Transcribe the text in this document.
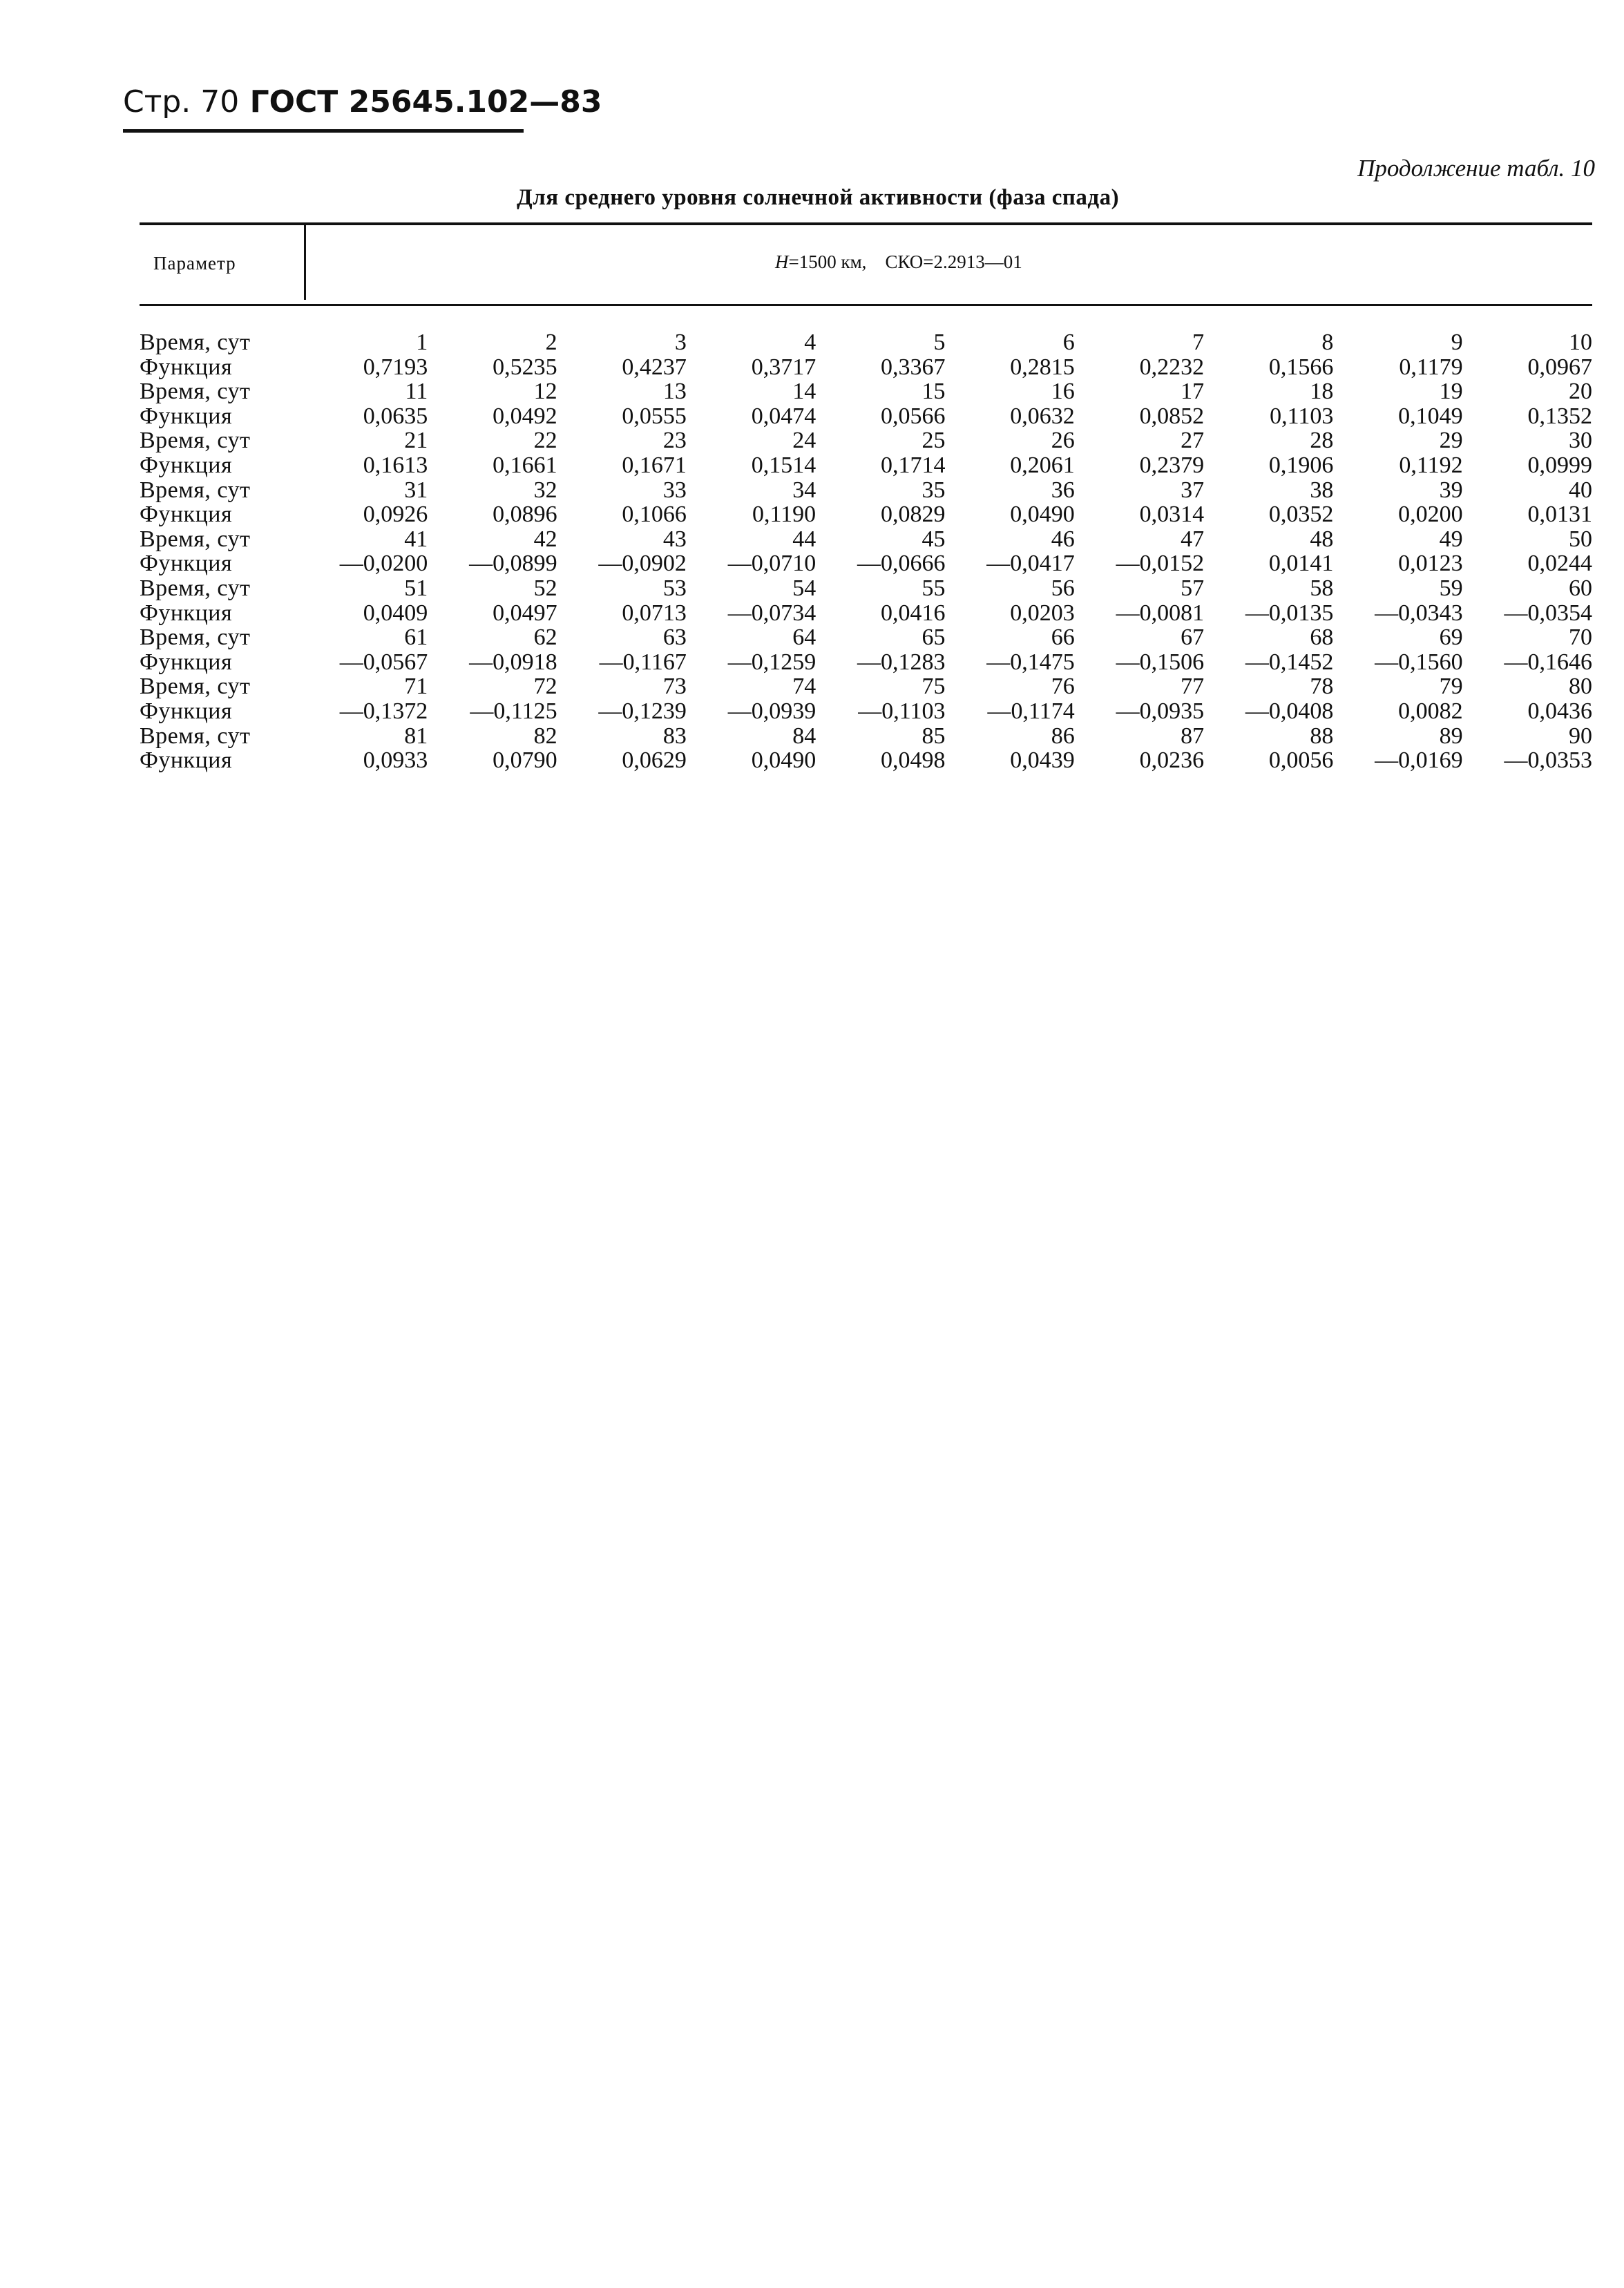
Стр. 70 ГОСТ 25645.102—83
Продолжение табл. 10
Для среднего уровня солнечной активности (фаза спада)
Параметр	H=1500 км, СКО=2.2913—01
Время, сут	1	2	3	4	5	6	7	8	9	10
Функция	0,7193	0,5235	0,4237	0,3717	0,3367	0,2815	0,2232	0,1566	0,1179	0,0967
Время, сут	11	12	13	14	15	16	17	18	19	20
Функция	0,0635	0,0492	0,0555	0,0474	0,0566	0,0632	0,0852	0,1103	0,1049	0,1352
Время, сут	21	22	23	24	25	26	27	28	29	30
Функция	0,1613	0,1661	0,1671	0,1514	0,1714	0,2061	0,2379	0,1906	0,1192	0,0999
Время, сут	31	32	33	34	35	36	37	38	39	40
Функция	0,0926	0,0896	0,1066	0,1190	0,0829	0,0490	0,0314	0,0352	0,0200	0,0131
Время, сут	41	42	43	44	45	46	47	48	49	50
Функция	—0,0200	—0,0899	—0,0902	—0,0710	—0,0666	—0,0417	—0,0152	0,0141	0,0123	0,0244
Время, сут	51	52	53	54	55	56	57	58	59	60
Функция	0,0409	0,0497	0,0713	—0,0734	0,0416	0,0203	—0,0081	—0,0135	—0,0343	—0,0354
Время, сут	61	62	63	64	65	66	67	68	69	70
Функция	—0,0567	—0,0918	—0,1167	—0,1259	—0,1283	—0,1475	—0,1506	—0,1452	—0,1560	—0,1646
Время, сут	71	72	73	74	75	76	77	78	79	80
Функция	—0,1372	—0,1125	—0,1239	—0,0939	—0,1103	—0,1174	—0,0935	—0,0408	0,0082	0,0436
Время, сут	81	82	83	84	85	86	87	88	89	90
Функция	0,0933	0,0790	0,0629	0,0490	0,0498	0,0439	0,0236	0,0056	—0,0169	—0,0353
